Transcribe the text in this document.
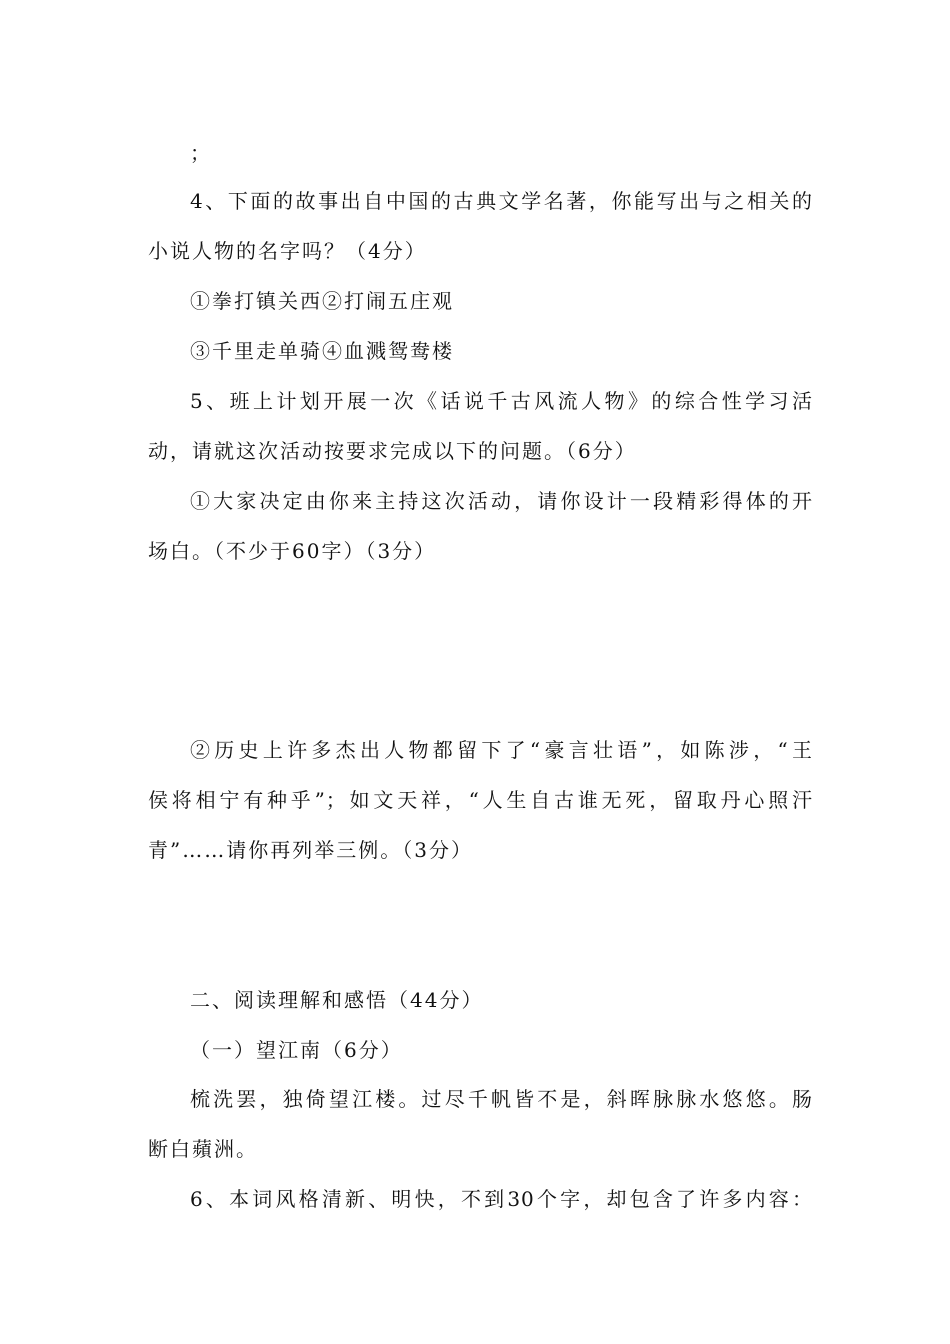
；
4、下面的故事出自中国的古典文学名著，你能写出与之相关的
小说人物的名字吗？（4分）
①拳打镇关西②打闹五庄观
③千里走单骑④血溅鸳鸯楼
5、班上计划开展一次《话说千古风流人物》的综合性学习活
动，请就这次活动按要求完成以下的问题。（6分）
①大家决定由你来主持这次活动，请你设计一段精彩得体的开
场白。（不少于60字）（3分）
②历史上许多杰出人物都留下了“豪言壮语”，如陈涉，“王
侯将相宁有种乎”；如文天祥，“人生自古谁无死，留取丹心照汗
青”……请你再列举三例。（3分）
二、阅读理解和感悟（44分）
（一）望江南（6分）
梳洗罢，独倚望江楼。过尽千帆皆不是，斜晖脉脉水悠悠。肠
断白蘋洲。
6、本词风格清新、明快，不到30个字，却包含了许多内容：
